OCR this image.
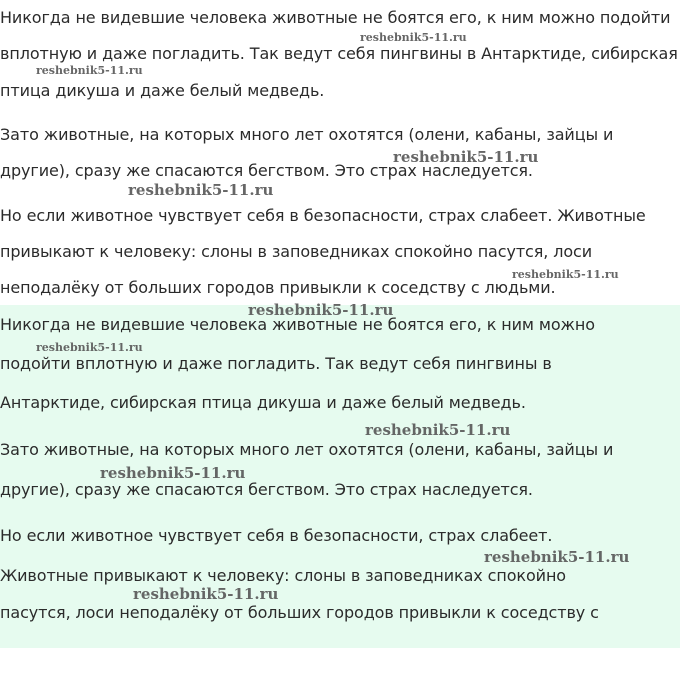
Никогда не видевшие человека животные не боятся его, к ним можно подойти
вплотную и даже погладить. Так ведут себя пингвины в Антарктиде, сибирская
птица дикуша и даже белый медведь.
Зато животные, на которых много лет охотятся (олени, кабаны, зайцы и
другие), сразу же спасаются бегством. Это страх наследуется.
Но если животное чувствует себя в безопасности, страх слабеет. Животные
привыкают к человеку: слоны в заповедниках спокойно пасутся, лоси
неподалёку от больших городов привыкли к соседству с людьми.
Никогда не видевшие человека животные не боятся его, к ним можно
подойти вплотную и даже погладить. Так ведут себя пингвины в
Антарктиде, сибирская птица дикуша и даже белый медведь.
Зато животные, на которых много лет охотятся (олени, кабаны, зайцы и
другие), сразу же спасаются бегством. Это страх наследуется.
Но если животное чувствует себя в безопасности, страх слабеет.
Животные привыкают к человеку: слоны в заповедниках спокойно
пасутся, лоси неподалёку от больших городов привыкли к соседству с
reshebnik5-11.ru
reshebnik5-11.ru
reshebnik5-11.ru
reshebnik5-11.ru
reshebnik5-11.ru
reshebnik5-11.ru
reshebnik5-11.ru
reshebnik5-11.ru
reshebnik5-11.ru
reshebnik5-11.ru
reshebnik5-11.ru
